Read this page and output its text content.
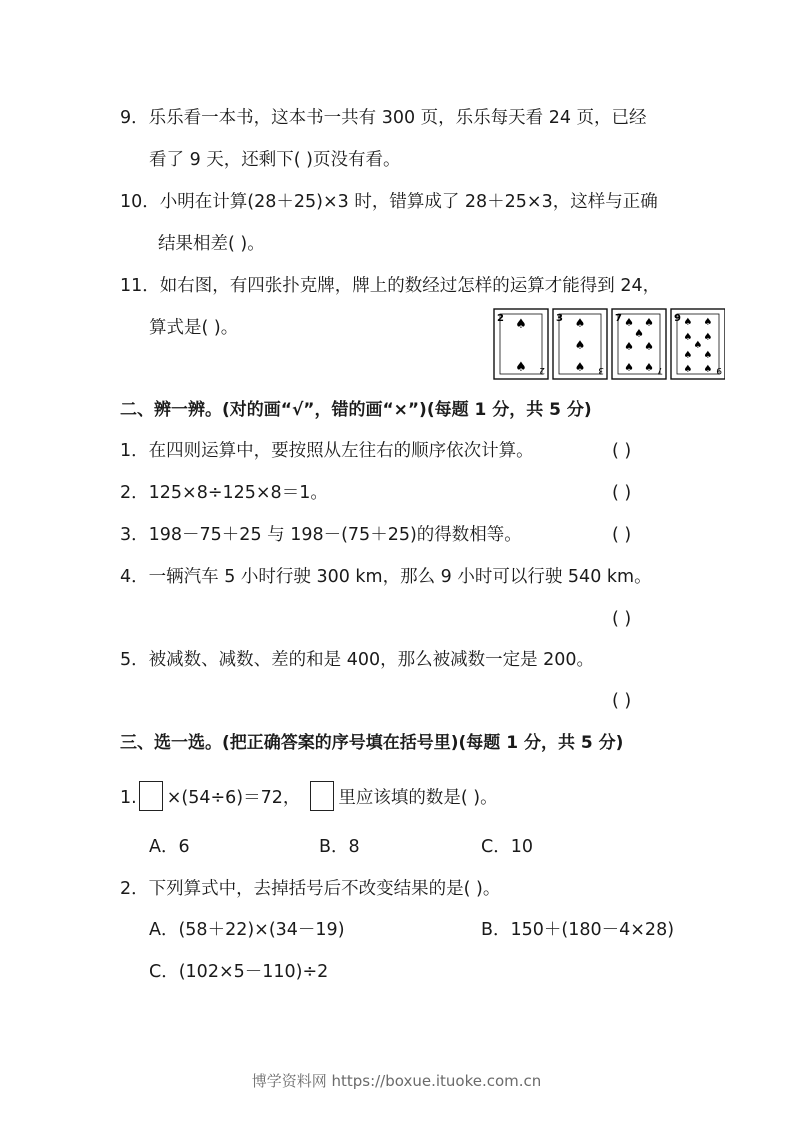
9．乐乐看一本书，这本书一共有 300 页，乐乐每天看 24 页，已经
看了 9 天，还剩下( )页没有看。
10．小明在计算(28＋25)×3 时，错算成了 28＋25×3，这样与正确
结果相差( )。
11．如右图，有四张扑克牌，牌上的数经过怎样的运算才能得到 24，
算式是( )。	2 ♠
♠ 2
3 ♠
♠
♠ 3
7 ♠ ♠
♠
♠ ♠
♠ ♠ 7
9 ♠ ♠
♠ ♠
♠
♠ ♠
♠ ♠ 9
二、辨一辨。(对的画“√”，错的画“×”)(每题 1 分，共 5 分)
1．在四则运算中，要按照从左往右的顺序依次计算。	( )
2．125×8÷125×8＝1。	( )
3．198－75＋25 与 198－(75＋25)的得数相等。	( )
4．一辆汽车 5 小时行驶 300 km，那么 9 小时可以行驶 540 km。
( )
5．被减数、减数、差的和是 400，那么被减数一定是 200。
( )
三、选一选。(把正确答案的序号填在括号里)(每题 1 分，共 5 分)
1. ×(54÷6)＝72， 里应该填的数是( )。
A．6	B．8	C．10
2．下列算式中，去掉括号后不改变结果的是( )。
A．(58＋22)×(34－19)	B．150＋(180－4×28)
C．(102×5－110)÷2
博学资料网 https://boxue.ituoke.com.cn
